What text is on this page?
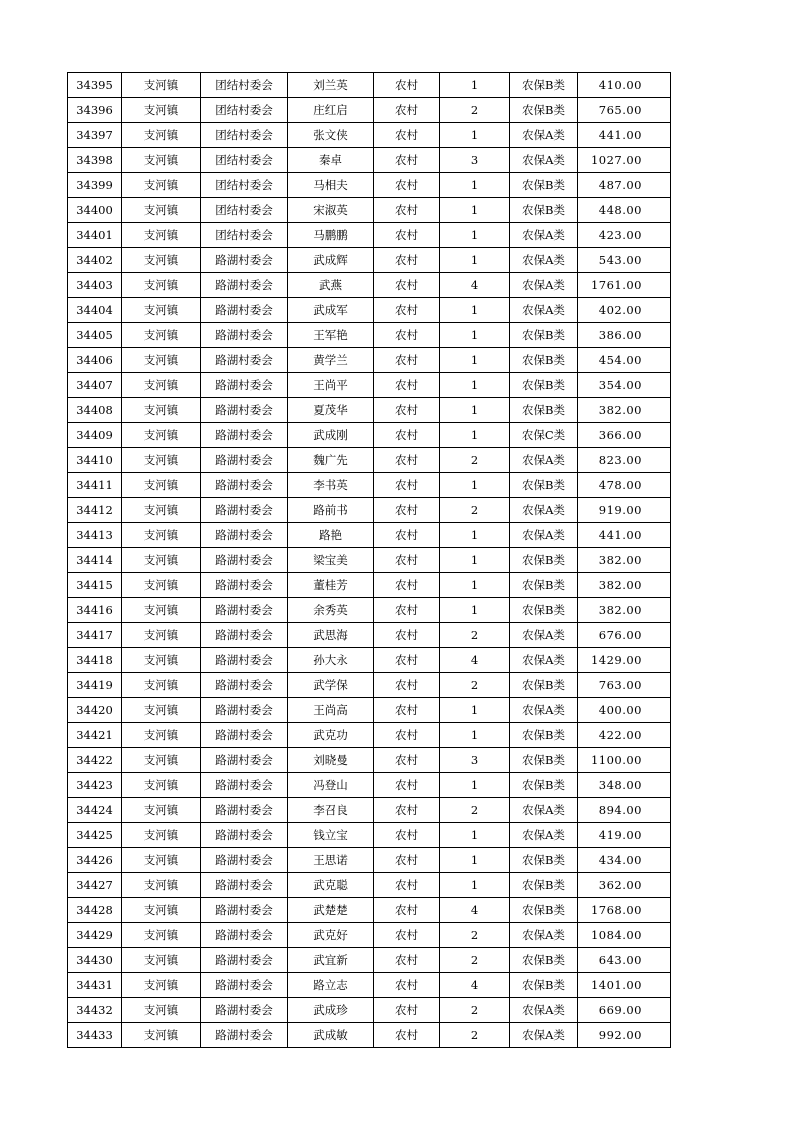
34395	支河镇	团结村委会	刘兰英	农村	1	农保B类	410.00
34396	支河镇	团结村委会	庄红启	农村	2	农保B类	765.00
34397	支河镇	团结村委会	张文侠	农村	1	农保A类	441.00
34398	支河镇	团结村委会	秦卓	农村	3	农保A类	1027.00
34399	支河镇	团结村委会	马相夫	农村	1	农保B类	487.00
34400	支河镇	团结村委会	宋淑英	农村	1	农保B类	448.00
34401	支河镇	团结村委会	马鹏鹏	农村	1	农保A类	423.00
34402	支河镇	路湖村委会	武成辉	农村	1	农保A类	543.00
34403	支河镇	路湖村委会	武燕	农村	4	农保A类	1761.00
34404	支河镇	路湖村委会	武成军	农村	1	农保A类	402.00
34405	支河镇	路湖村委会	王军艳	农村	1	农保B类	386.00
34406	支河镇	路湖村委会	黄学兰	农村	1	农保B类	454.00
34407	支河镇	路湖村委会	王尚平	农村	1	农保B类	354.00
34408	支河镇	路湖村委会	夏茂华	农村	1	农保B类	382.00
34409	支河镇	路湖村委会	武成刚	农村	1	农保C类	366.00
34410	支河镇	路湖村委会	魏广先	农村	2	农保A类	823.00
34411	支河镇	路湖村委会	李书英	农村	1	农保B类	478.00
34412	支河镇	路湖村委会	路前书	农村	2	农保A类	919.00
34413	支河镇	路湖村委会	路艳	农村	1	农保A类	441.00
34414	支河镇	路湖村委会	梁宝美	农村	1	农保B类	382.00
34415	支河镇	路湖村委会	董桂芳	农村	1	农保B类	382.00
34416	支河镇	路湖村委会	余秀英	农村	1	农保B类	382.00
34417	支河镇	路湖村委会	武思海	农村	2	农保A类	676.00
34418	支河镇	路湖村委会	孙大永	农村	4	农保A类	1429.00
34419	支河镇	路湖村委会	武学保	农村	2	农保B类	763.00
34420	支河镇	路湖村委会	王尚高	农村	1	农保A类	400.00
34421	支河镇	路湖村委会	武克功	农村	1	农保B类	422.00
34422	支河镇	路湖村委会	刘晓曼	农村	3	农保B类	1100.00
34423	支河镇	路湖村委会	冯登山	农村	1	农保B类	348.00
34424	支河镇	路湖村委会	李召良	农村	2	农保A类	894.00
34425	支河镇	路湖村委会	钱立宝	农村	1	农保A类	419.00
34426	支河镇	路湖村委会	王思诺	农村	1	农保B类	434.00
34427	支河镇	路湖村委会	武克聪	农村	1	农保B类	362.00
34428	支河镇	路湖村委会	武楚楚	农村	4	农保B类	1768.00
34429	支河镇	路湖村委会	武克好	农村	2	农保A类	1084.00
34430	支河镇	路湖村委会	武宜新	农村	2	农保B类	643.00
34431	支河镇	路湖村委会	路立志	农村	4	农保B类	1401.00
34432	支河镇	路湖村委会	武成珍	农村	2	农保A类	669.00
34433	支河镇	路湖村委会	武成敏	农村	2	农保A类	992.00
